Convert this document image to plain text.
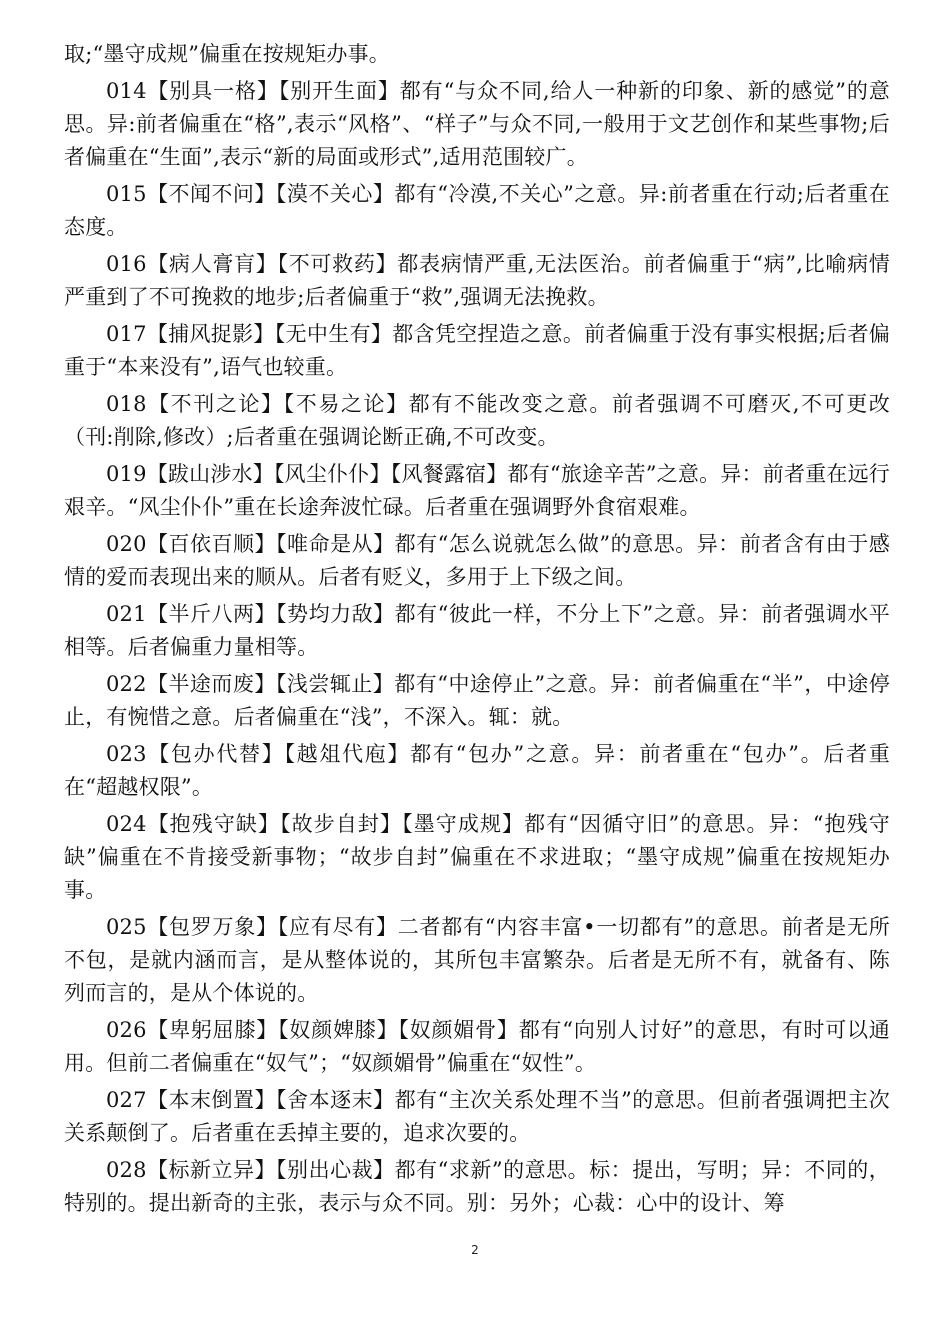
取;“墨守成规”偏重在按规矩办事。

014【别具一格】【别开生面】都有“与众不同,给人一种新的印象、新的感觉”的意思。异:前者偏重在“格”,表示“风格”、“样子”与众不同,一般用于文艺创作和某些事物;后者偏重在“生面”,表示“新的局面或形式”,适用范围较广。

015【不闻不问】【漠不关心】都有“冷漠,不关心”之意。异:前者重在行动;后者重在态度。

016【病人膏肓】【不可救药】都表病情严重,无法医治。前者偏重于“病”,比喻病情严重到了不可挽救的地步;后者偏重于“救”,强调无法挽救。

017【捕风捉影】【无中生有】都含凭空捏造之意。前者偏重于没有事实根据;后者偏重于“本来没有”,语气也较重。

018【不刊之论】【不易之论】都有不能改变之意。前者强调不可磨灭,不可更改（刊:削除,修改）;后者重在强调论断正确,不可改变。

019【跋山涉水】【风尘仆仆】【风餐露宿】都有“旅途辛苦”之意。异：前者重在远行艰辛。“风尘仆仆”重在长途奔波忙碌。后者重在强调野外食宿艰难。

020【百依百顺】【唯命是从】都有“怎么说就怎么做”的意思。异：前者含有由于感情的爱而表现出来的顺从。后者有贬义，多用于上下级之间。

021【半斤八两】【势均力敌】都有“彼此一样，不分上下”之意。异：前者强调水平相等。后者偏重力量相等。

022【半途而废】【浅尝辄止】都有“中途停止”之意。异：前者偏重在“半”，中途停止，有惋惜之意。后者偏重在“浅”，不深入。辄：就。

023【包办代替】【越俎代庖】都有“包办”之意。异：前者重在“包办”。后者重在“超越权限”。

024【抱残守缺】【故步自封】【墨守成规】都有“因循守旧”的意思。异：“抱残守缺”偏重在不肯接受新事物；“故步自封”偏重在不求进取；“墨守成规”偏重在按规矩办事。

025【包罗万象】【应有尽有】二者都有“内容丰富•一切都有”的意思。前者是无所不包，是就内涵而言，是从整体说的，其所包丰富繁杂。后者是无所不有，就备有、陈列而言的，是从个体说的。

026【卑躬屈膝】【奴颜婢膝】【奴颜媚骨】都有“向别人讨好”的意思，有时可以通用。但前二者偏重在“奴气”；“奴颜媚骨”偏重在“奴性”。

027【本末倒置】【舍本逐末】都有“主次关系处理不当”的意思。但前者强调把主次关系颠倒了。后者重在丢掉主要的，追求次要的。

028【标新立异】【别出心裁】都有“求新”的意思。标：提出，写明；异：不同的，特别的。提出新奇的主张，表示与众不同。别：另外；心裁：心中的设计、筹

2
